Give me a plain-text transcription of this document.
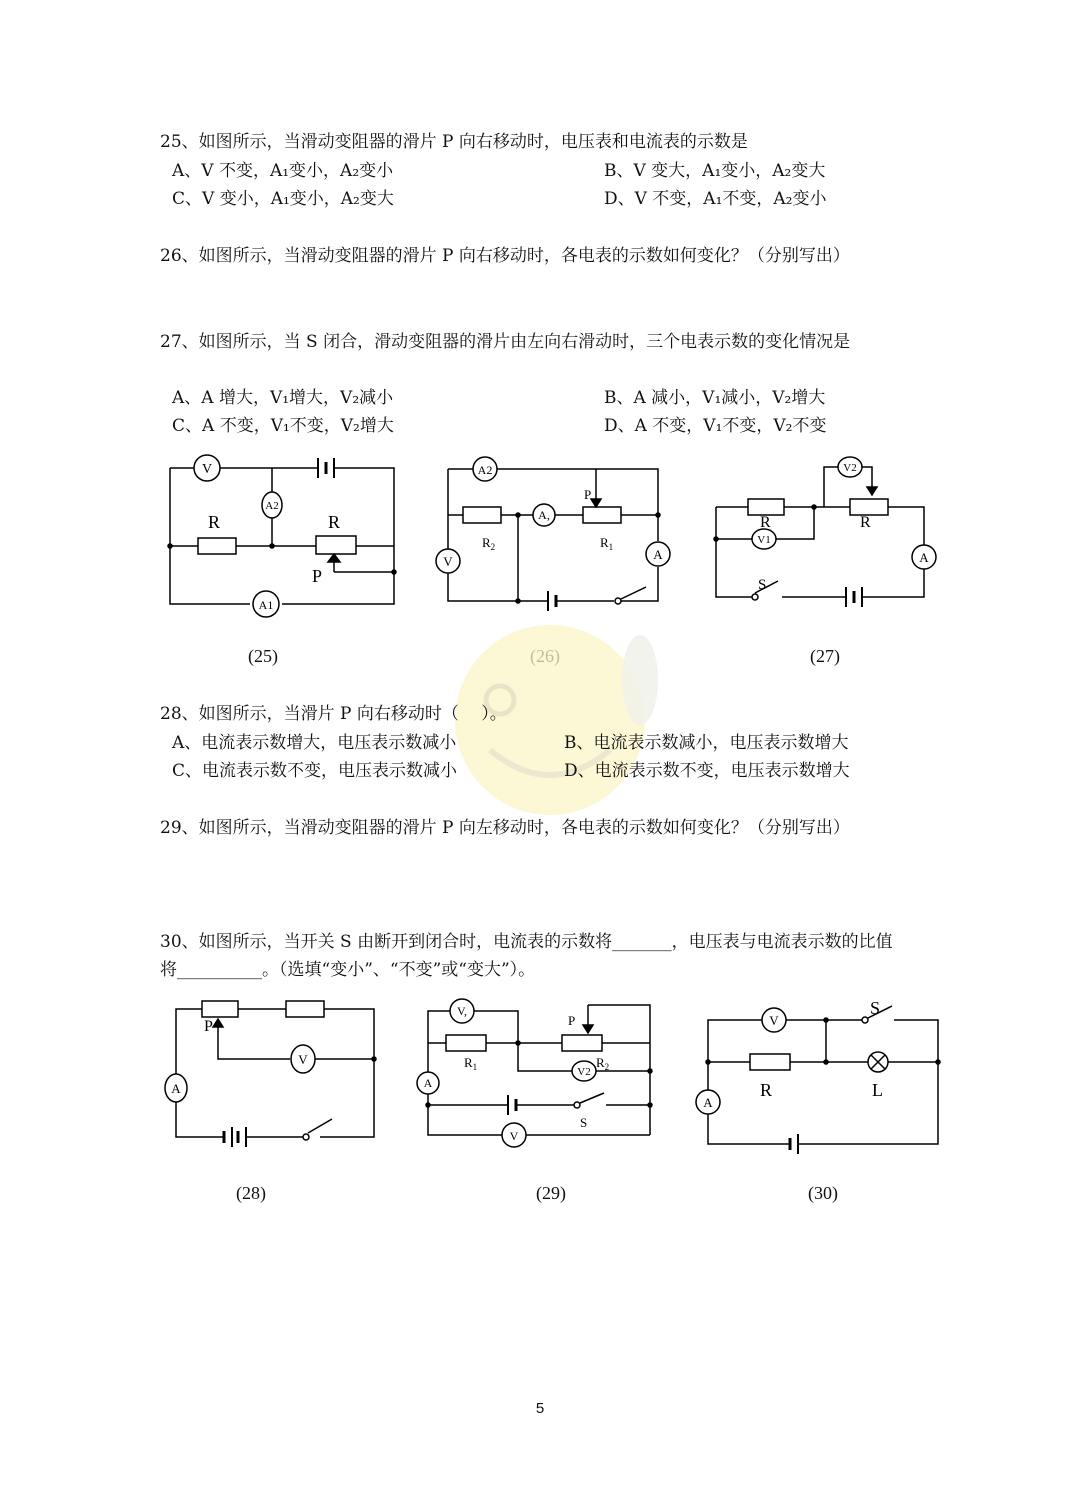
25、如图所示，当滑动变阻器的滑片 P 向右移动时，电压表和电流表的示数是
A、V 不变，A₁变小，A₂变小	B、V 变大，A₁变小，A₂变大
C、V 变小，A₁变小，A₂变大	D、V 不变，A₁不变，A₂变小
26、如图所示，当滑动变阻器的滑片 P 向右移动时，各电表的示数如何变化？（分别写出）
27、如图所示，当 S 闭合，滑动变阻器的滑片由左向右滑动时，三个电表示数的变化情况是
A、A 增大，V₁增大，V₂减小	B、A 减小，V₁减小，V₂增大
C、A 不变，V₁不变，V₂增大	D、A 不变，V₁不变，V₂不变
V
A1
A2
R	R
P
A2
A
V
A,
P
$R_2$	$R_1$
A
V1
V2
R	R
S
(25)	(27)
28、如图所示，当滑片 P 向右移动时（　 ）。
A、电流表示数增大，电压表示数减小	B、电流表示数减小，电压表示数增大
C、电流表示数不变，电压表示数减小	D、电流表示数不变，电压表示数增大
29、如图所示，当滑动变阻器的滑片 P 向左移动时，各电表的示数如何变化？（分别写出）
30、如图所示，当开关 S 由断开到闭合时，电流表的示数将_______，电压表与电流表示数的比值将__________。（选填“变小”、“不变”或“变大”）。
A
V
P
V,
V2
A
V
$R_1$	$R_2$
P
S
V
A
R	L
S
(28)	(29)	(30)
5
